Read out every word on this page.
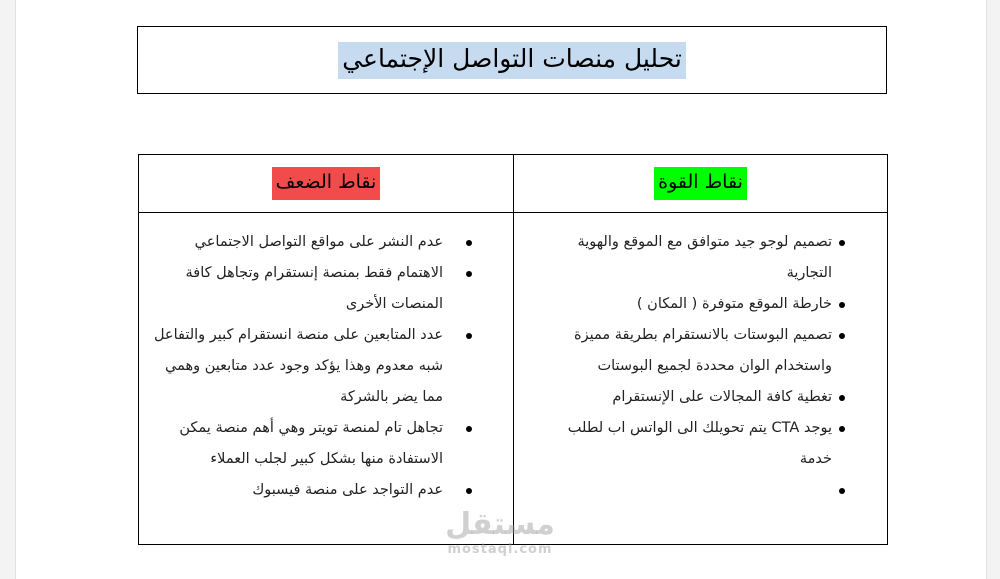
تحليل منصات التواصل الإجتماعي
نقاط القوة
تصميم لوجو جيد متوافق مع الموقع والهوية التجارية
خارطة الموقع متوفرة ( المكان )
تصميم البوستات بالانستقرام بطريقة مميزة واستخدام الوان محددة لجميع البوستات
تغطية كافة المجالات على الإنستقرام
يوجد CTA يتم تحويلك الى الواتس اب لطلب خدمة

نقاط الضعف
عدم النشر على مواقع التواصل الاجتماعي
الاهتمام فقط بمنصة إنستقرام وتجاهل كافة المنصات الأخرى
عدد المتابعين على منصة انستقرام كبير والتفاعل شبه معدوم وهذا يؤكد وجود عدد متابعين وهمي مما يضر بالشركة
تجاهل تام لمنصة تويتر وهي أهم منصة يمكن الاستفادة منها بشكل كبير لجلب العملاء
عدم التواجد على منصة فيسبوك
مستقل
mostaql.com
